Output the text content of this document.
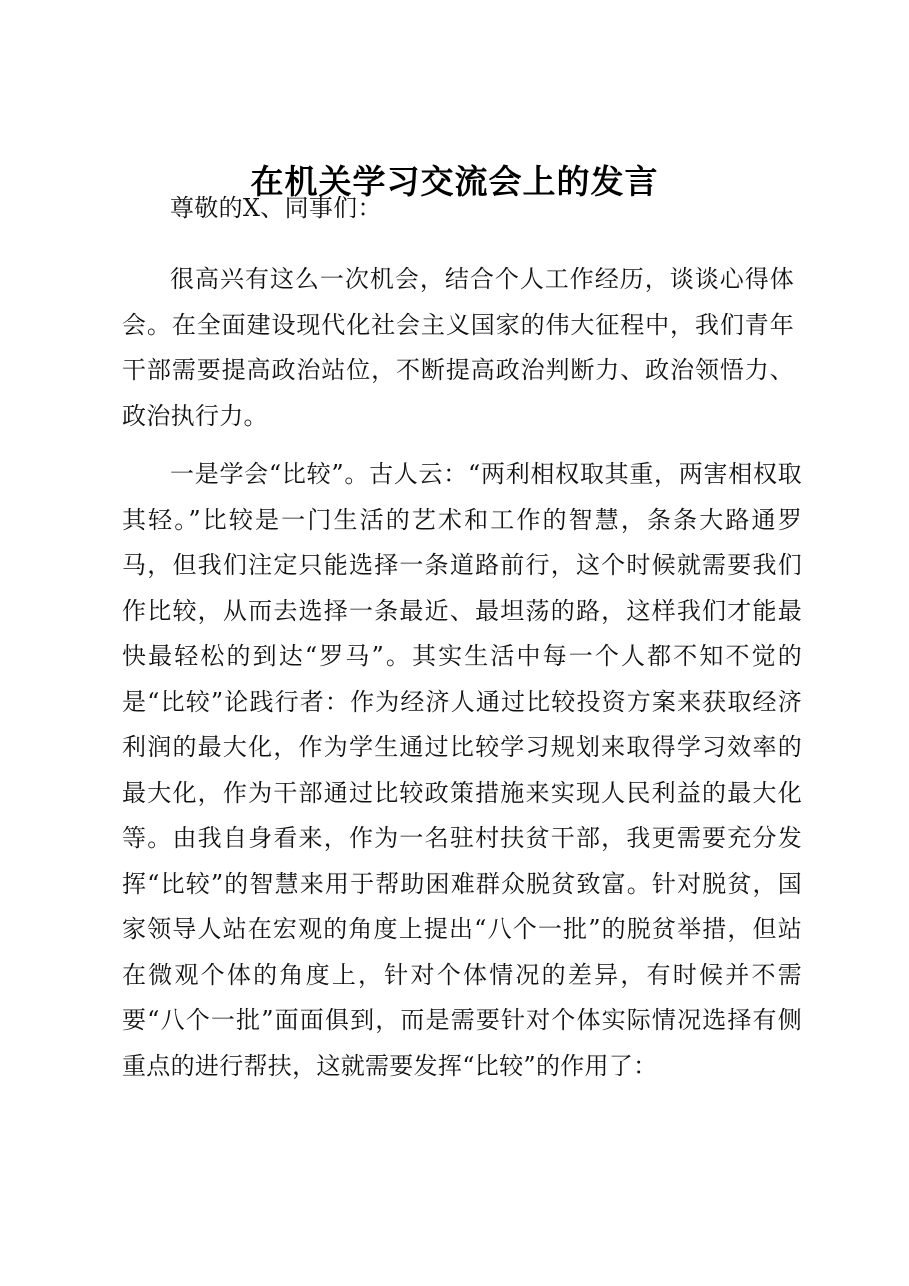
在机关学习交流会上的发言

尊敬的X、同事们：

很高兴有这么一次机会，结合个人工作经历，谈谈心得体会。在全面建设现代化社会主义国家的伟大征程中，我们青年干部需要提高政治站位，不断提高政治判断力、政治领悟力、政治执行力。

一是学会“比较”。古人云：“两利相权取其重，两害相权取其轻。”比较是一门生活的艺术和工作的智慧，条条大路通罗马，但我们注定只能选择一条道路前行，这个时候就需要我们作比较，从而去选择一条最近、最坦荡的路，这样我们才能最快最轻松的到达“罗马”。其实生活中每一个人都不知不觉的是“比较”论践行者：作为经济人通过比较投资方案来获取经济利润的最大化，作为学生通过比较学习规划来取得学习效率的最大化，作为干部通过比较政策措施来实现人民利益的最大化等。由我自身看来，作为一名驻村扶贫干部，我更需要充分发挥“比较”的智慧来用于帮助困难群众脱贫致富。针对脱贫，国家领导人站在宏观的角度上提出“八个一批”的脱贫举措，但站在微观个体的角度上，针对个体情况的差异，有时候并不需要“八个一批”面面俱到，而是需要针对个体实际情况选择有侧重点的进行帮扶，这就需要发挥“比较”的作用了：
